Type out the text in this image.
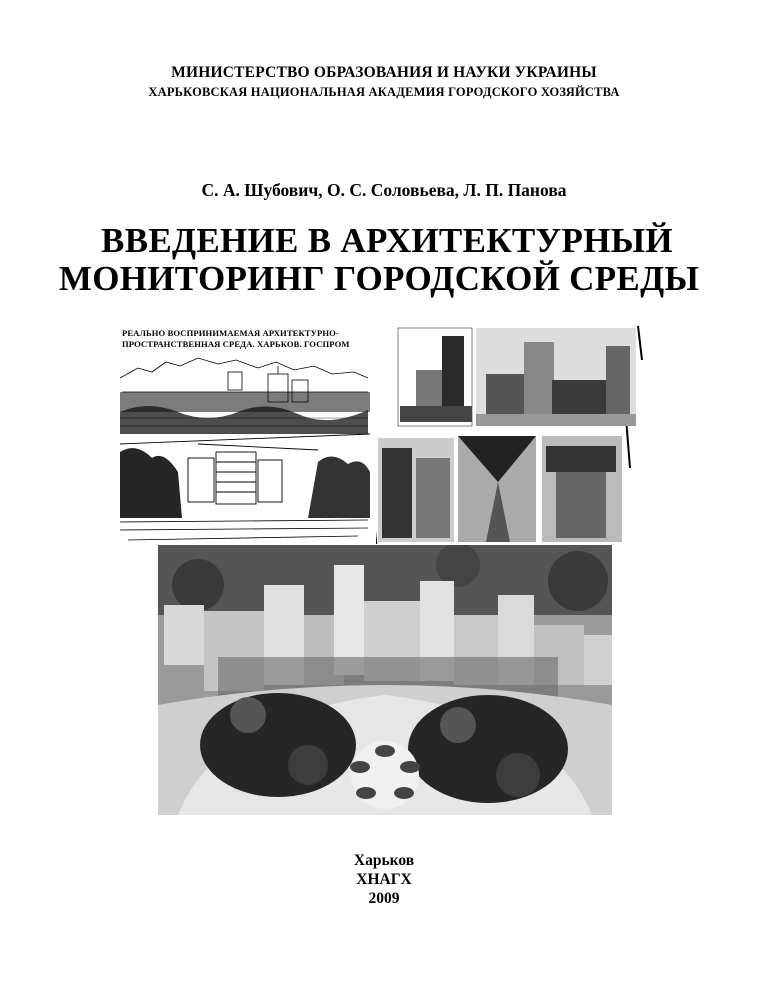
МИНИСТЕРСТВО ОБРАЗОВАНИЯ И НАУКИ УКРАИНЫ
ХАРЬКОВСКАЯ НАЦИОНАЛЬНАЯ АКАДЕМИЯ ГОРОДСКОГО ХОЗЯЙСТВА
С. А. Шубович, О. С. Соловьева, Л. П. Панова
ВВЕДЕНИЕ В АРХИТЕКТУРНЫЙ
МОНИТОРИНГ ГОРОДСКОЙ СРЕДЫ
РЕАЛЬНО ВОСПРИНИМАЕМАЯ АРХИТЕКТУРНО-
ПРОСТРАНСТВЕННАЯ СРЕДА. ХАРЬКОВ. ГОСПРОМ
Харьков
ХНАГХ
2009
